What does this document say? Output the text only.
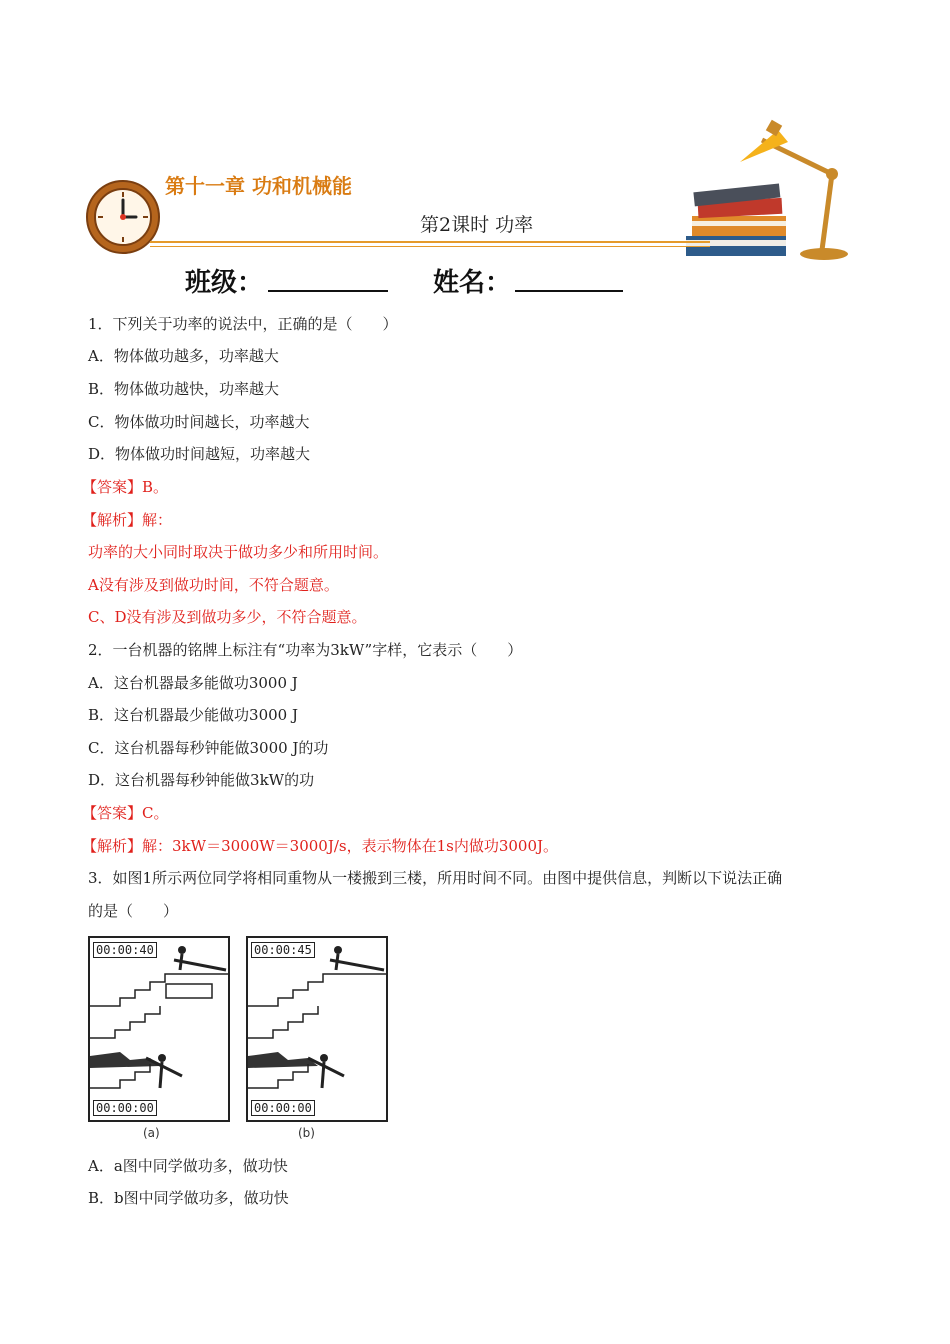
第十一章 功和机械能
第2课时 功率
班级：	姓名：
1．下列关于功率的说法中，正确的是（　　）
A．物体做功越多，功率越大
B．物体做功越快，功率越大
C．物体做功时间越长，功率越大
D．物体做功时间越短，功率越大
【答案】B。
【解析】解：
功率的大小同时取决于做功多少和所用时间。
A没有涉及到做功时间，不符合题意。
C、D没有涉及到做功多少，不符合题意。
2．一台机器的铭牌上标注有“功率为3kW”字样，它表示（　　）
A．这台机器最多能做功3000 J
B．这台机器最少能做功3000 J
C．这台机器每秒钟能做3000 J的功
D．这台机器每秒钟能做3kW的功
【答案】C。
【解析】解：3kW＝3000W＝3000J/s，表示物体在1s内做功3000J。
3．如图1所示两位同学将相同重物从一楼搬到三楼，所用时间不同。由图中提供信息，判断以下说法正确
的是（　　）
00:00:40
00:00:00
(a)
00:00:45
00:00:00
(b)
A．a图中同学做功多，做功快
B．b图中同学做功多，做功快
